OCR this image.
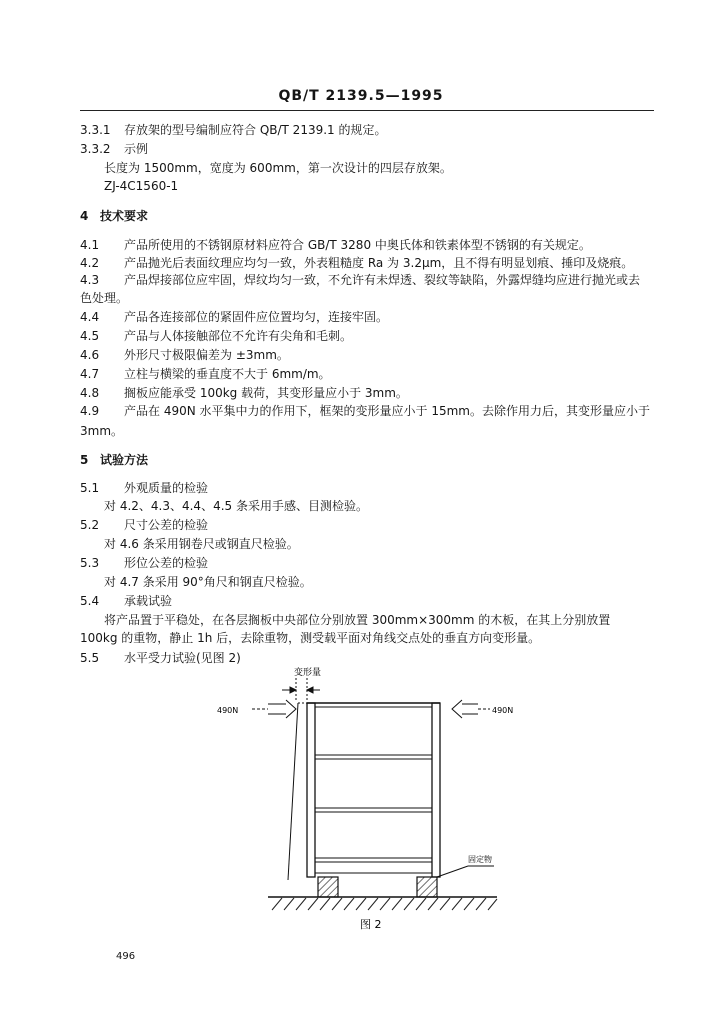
QB/T 2139.5—1995
3.3.1 存放架的型号编制应符合 QB/T 2139.1 的规定。
3.3.2 示例
长度为 1500mm，宽度为 600mm，第一次设计的四层存放架。
ZJ-4C1560-1
4 技术要求
4.1 产品所使用的不锈钢原材料应符合 GB/T 3280 中奥氏体和铁素体型不锈钢的有关规定。
4.2 产品抛光后表面纹理应均匀一致，外表粗糙度 Ra 为 3.2μm，且不得有明显划痕、捶印及烧痕。
4.3 产品焊接部位应牢固，焊纹均匀一致，不允许有未焊透、裂纹等缺陷，外露焊缝均应进行抛光或去
色处理。
4.4 产品各连接部位的紧固件应位置均匀，连接牢固。
4.5 产品与人体接触部位不允许有尖角和毛刺。
4.6 外形尺寸极限偏差为 ±3mm。
4.7 立柱与横梁的垂直度不大于 6mm/m。
4.8 搁板应能承受 100kg 载荷，其变形量应小于 3mm。
4.9 产品在 490N 水平集中力的作用下，框架的变形量应小于 15mm。去除作用力后，其变形量应小于
3mm。
5 试验方法
5.1 外观质量的检验
对 4.2、4.3、4.4、4.5 条采用手感、目测检验。
5.2 尺寸公差的检验
对 4.6 条采用钢卷尺或钢直尺检验。
5.3 形位公差的检验
对 4.7 条采用 90°角尺和钢直尺检验。
5.4 承载试验
将产品置于平稳处，在各层搁板中央部位分别放置 300mm×300mm 的木板，在其上分别放置
100kg 的重物，静止 1h 后，去除重物，测受载平面对角线交点处的垂直方向变形量。
5.5 水平受力试验(见图 2)
变形量
490N	490N
固定物
图 2
496
